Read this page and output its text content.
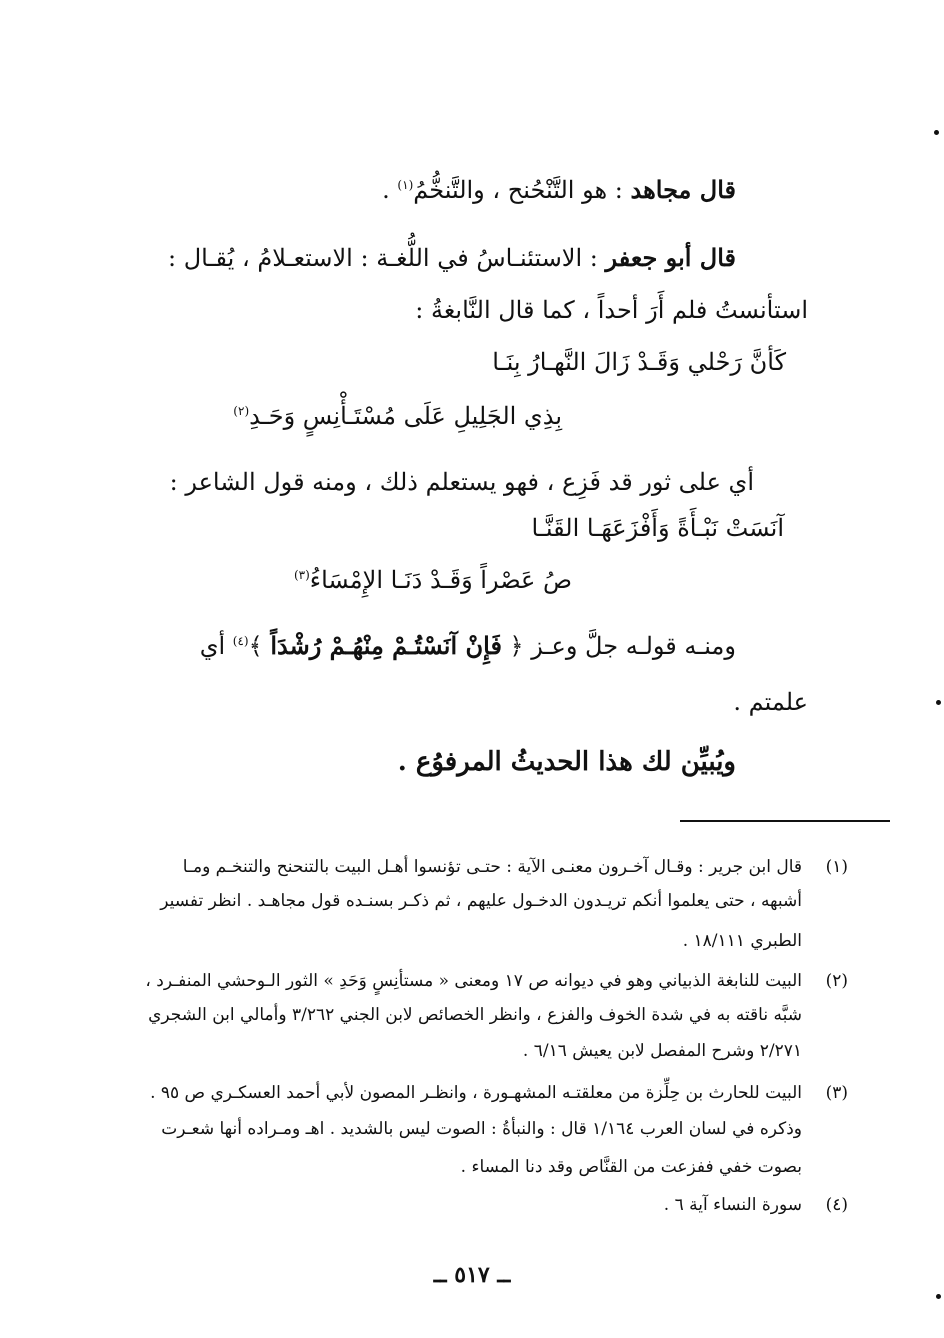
قال مجاهد : هو التَّنْحُنح ، والتَّنخُّمُ$^{(١)}$ .
قال أبو جعفر : الاستئنـاسُ في اللُّغـة : الاستعـلامُ ، يُقـال :
استأنستُ فلم أَرَ أحداً ، كما قال النَّابغةُ :
كَأنَّ رَحْلي وَقَـدْ زَالَ النَّهـارُ بِنَـا
بِذِي الجَلِيلِ عَلَى مُسْتَـأْنِسٍ وَحَـدِ$^{(٢)}$
أي على ثور قد فَزِع ، فهو يستعلم ذلك ، ومنه قول الشاعر :
آنَسَتْ نَبْـأَةً وَأَفْزَعَهَـا القَنَّـا
صُ عَصْراً وَقَـدْ دَنَـا الإِمْسَاءُ$^{(٣)}$
ومنـه قولـه جلَّ وعـز ﴿ فَإِنْ آنَسْتُـمْ مِنْهُـمْ رُشْدَاً ﴾$^{(٤)}$ أي
علمتم .
ويُبيِّن لك هذا الحديثُ المرفوُع .
(١)
قال ابن جرير : وقـال آخـرون معنـى الآية : حتـى تؤنسوا أهـل البيت بالتنحنح والتنخـم ومـا
أشبهه ، حتى يعلموا أنكم تريـدون الدخـول عليهم ، ثم ذكـر بسنـده قول مجاهـد . انظر تفسير
الطبري ١٨/١١١ .
(٢)
البيت للنابغة الذبياني وهو في ديوانه ص ١٧ ومعنى « مستأنِسٍ وَحَدِ » الثور الـوحشي المنفـرد ،
شبَّه ناقته به في شدة الخوف والفزع ، وانظر الخصائص لابن الجني ٣/٢٦٢ وأمالي ابن الشجري
٢/٢٧١ وشرح المفصل لابن يعيش ٦/١٦ .
(٣)
البيت للحارث بن حِلِّزة من معلقتـه المشهـورة ، وانظـر المصون لأبي أحمد العسكـري ص ٩٥ .
وذكره في لسان العرب ١/١٦٤ قال : والنبأةُ : الصوت ليس بالشديد . اهـ ومـراده أنها شعـرت
بصوت خفي ففزعت من القنَّاص وقد دنا المساء .
(٤)
سورة النساء آية ٦ .
ــ ٥١٧ ــ
